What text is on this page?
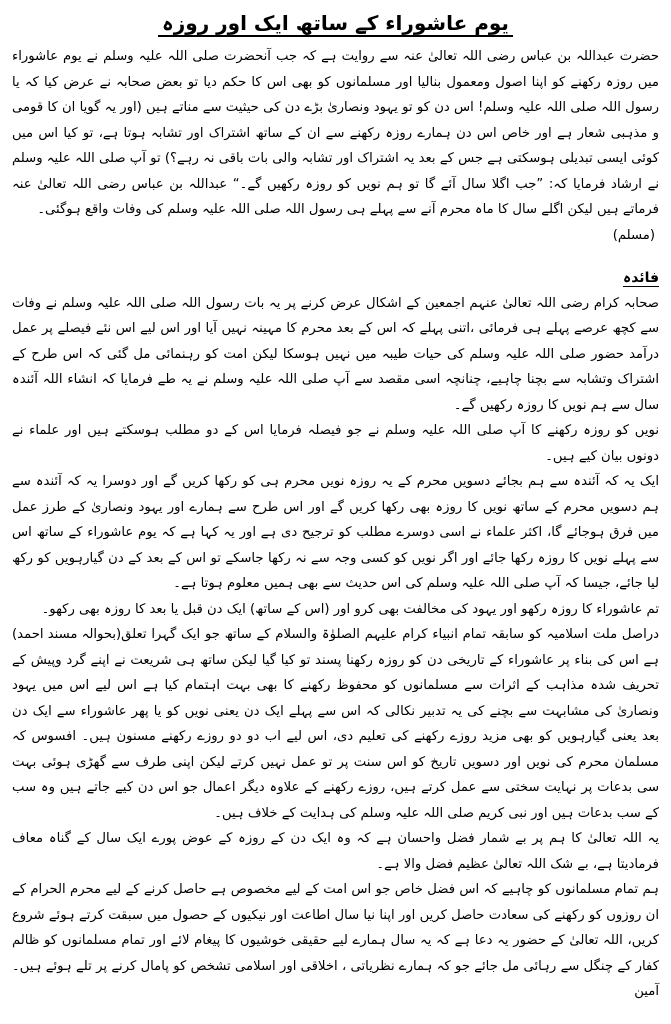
یوم عاشوراء کے ساتھ ایک اور روزہ

حضرت عبداللہ بن عباس رضی اللہ تعالیٰ عنہ سے روایت ہے کہ جب آنحضرت صلی اللہ علیہ وسلم نے یوم عاشوراء میں روزہ رکھنے کو اپنا اصول ومعمول بنالیا اور مسلمانوں کو بھی اس کا حکم دیا تو بعض صحابہ نے عرض کیا کہ یا رسول اللہ صلی اللہ علیہ وسلم! اس دن کو تو یہود ونصاریٰ بڑے دن کی حیثیت سے مناتے ہیں (اور یہ گویا ان کا قومی و مذہبی شعار ہے اور خاص اس دن ہمارے روزہ رکھنے سے ان کے ساتھ اشتراک اور تشابہ ہوتا ہے، تو کیا اس میں کوئی ایسی تبدیلی ہوسکتی ہے جس کے بعد یہ اشتراک اور تشابہ والی بات باقی نہ رہے؟) تو آپ صلی اللہ علیہ وسلم نے ارشاد فرمایا کہ: ”جب اگلا سال آئے گا تو ہم نویں کو روزہ رکھیں گے۔“ عبداللہ بن عباس رضی اللہ تعالیٰ عنہ فرماتے ہیں لیکن اگلے سال کا ماہ محرم آنے سے پہلے ہی رسول اللہ صلی اللہ علیہ وسلم کی وفات واقع ہوگئی۔

(مسلم)

فائدہ

صحابہ کرام رضی اللہ تعالیٰ عنہم اجمعین کے اشکال عرض کرنے پر یہ بات رسول اللہ صلی اللہ علیہ وسلم نے وفات سے کچھ عرصے پہلے ہی فرمائی ،اتنی پہلے کہ اس کے بعد محرم کا مہینہ نہیں آیا اور اس لیے اس نئے فیصلے پر عمل درآمد حضور صلی اللہ علیہ وسلم کی حیات طیبہ میں نہیں ہوسکا لیکن امت کو رہنمائی مل گئی کہ اس طرح کے اشتراک وتشابہ سے بچنا چاہیے، چنانچہ اسی مقصد سے آپ صلی اللہ علیہ وسلم نے یہ طے فرمایا کہ انشاء اللہ آئندہ سال سے ہم نویں کا روزہ رکھیں گے۔

نویں کو روزہ رکھنے کا آپ صلی اللہ علیہ وسلم نے جو فیصلہ فرمایا اس کے دو مطلب ہوسکتے ہیں اور علماء نے دونوں بیان کیے ہیں۔

ایک یہ کہ آئندہ سے ہم بجائے دسویں محرم کے یہ روزہ نویں محرم ہی کو رکھا کریں گے اور دوسرا یہ کہ آئندہ سے ہم دسویں محرم کے ساتھ نویں کا روزہ بھی رکھا کریں گے اور اس طرح سے ہمارے اور یہود ونصاریٰ کے طرز عمل میں فرق ہوجائے گا، اکثر علماء نے اسی دوسرے مطلب کو ترجیح دی ہے اور یہ کہا ہے کہ یوم عاشوراء کے ساتھ اس سے پہلے نویں کا روزہ رکھا جائے اور اگر نویں کو کسی وجہ سے نہ رکھا جاسکے تو اس کے بعد کے دن گیارہویں کو رکھ لیا جائے، جیسا کہ آپ صلی اللہ علیہ وسلم کی اس حدیث سے بھی ہمیں معلوم ہوتا ہے۔

تم عاشوراء کا روزہ رکھو اور یہود کی مخالفت بھی کرو اور (اس کے ساتھ) ایک دن قبل یا بعد کا روزہ بھی رکھو۔
(بحوالہ مسند احمد) دراصل ملت اسلامیہ کو سابقہ تمام انبیاء کرام علیہم الصلوٰۃ والسلام کے ساتھ جو ایک گہرا تعلق ہے اس کی بناء پر عاشوراء کے تاریخی دن کو روزہ رکھنا پسند تو کیا گیا لیکن ساتھ ہی شریعت نے اپنے گرد وپیش کے تحریف شدہ مذاہب کے اثرات سے مسلمانوں کو محفوظ رکھنے کا بھی بہت اہتمام کیا ہے اس لیے اس میں یہود ونصاریٰ کی مشابہت سے بچنے کی یہ تدبیر نکالی کہ اس سے پہلے ایک دن یعنی نویں کو یا پھر عاشوراء سے ایک دن بعد یعنی گیارہویں کو بھی مزید روزے رکھنے کی تعلیم دی، اس لیے اب دو دو روزے رکھنے مسنون ہیں۔ افسوس کہ مسلمان محرم کی نویں اور دسویں تاریخ کو اس سنت پر تو عمل نہیں کرتے لیکن اپنی طرف سے گھڑی ہوئی بہت سی بدعات پر نہایت سختی سے عمل کرتے ہیں، روزے رکھنے کے علاوہ دیگر اعمال جو اس دن کیے جاتے ہیں وہ سب کے سب بدعات ہیں اور نبی کریم صلی اللہ علیہ وسلم کی ہدایت کے خلاف ہیں۔

یہ اللہ تعالیٰ کا ہم پر بے شمار فضل واحسان ہے کہ وہ ایک دن کے روزہ کے عوض پورے ایک سال کے گناہ معاف فرمادیتا ہے، بے شک اللہ تعالیٰ عظیم فضل والا ہے۔

ہم تمام مسلمانوں کو چاہیے کہ اس فضل خاص جو اس امت کے لیے مخصوص ہے حاصل کرنے کے لیے محرم الحرام کے ان روزوں کو رکھنے کی سعادت حاصل کریں اور اپنا نیا سال اطاعت اور نیکیوں کے حصول میں سبقت کرتے ہوئے شروع کریں، اللہ تعالیٰ کے حضور یہ دعا ہے کہ یہ سال ہمارے لیے حقیقی خوشیوں کا پیغام لائے اور تمام مسلمانوں کو ظالم کفار کے چنگل سے رہائی مل جائے جو کہ ہمارے نظریاتی ، اخلاقی اور اسلامی تشخص کو پامال کرنے پر تلے ہوئے ہیں۔ آمین
